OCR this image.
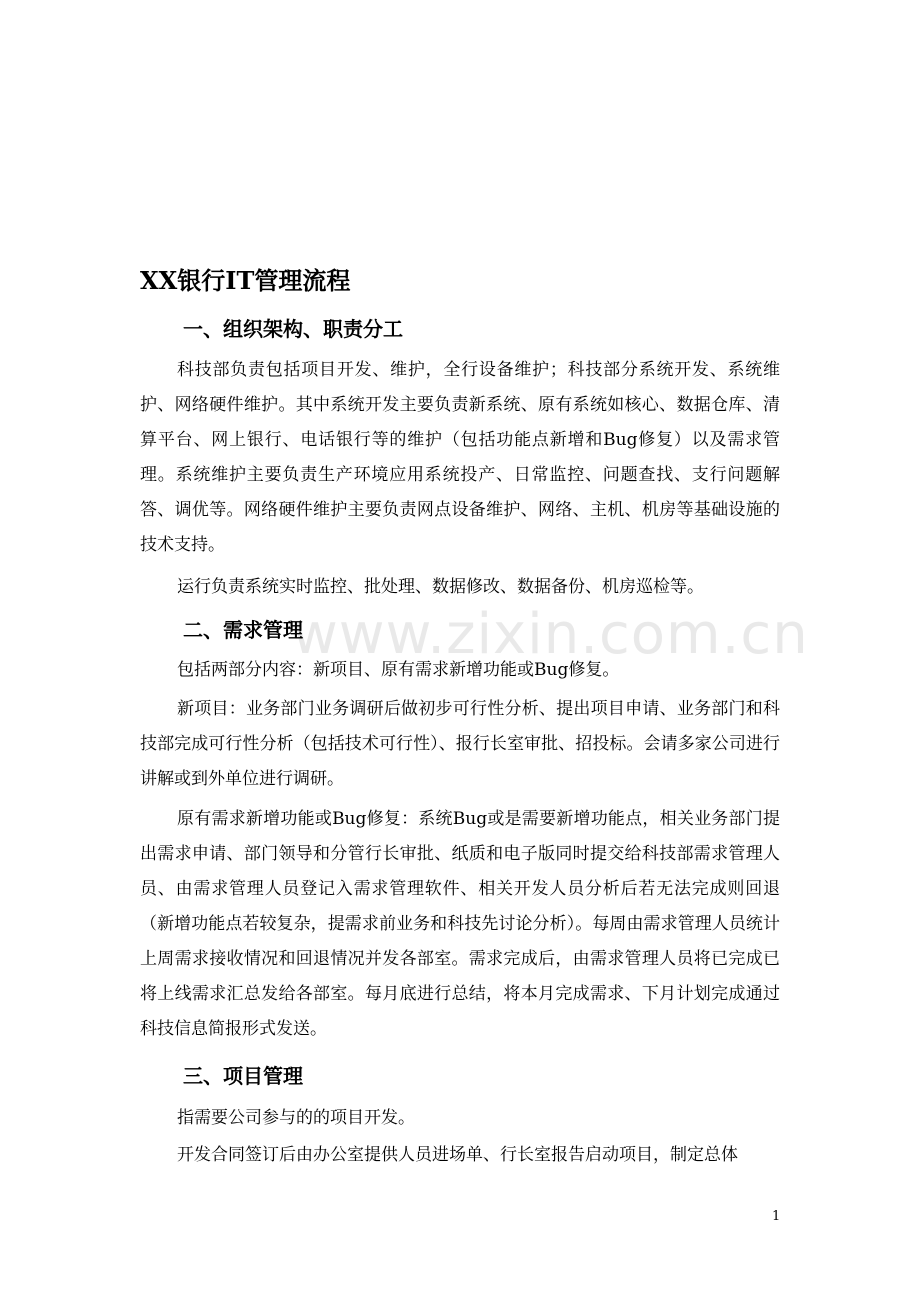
www.zixin.com.cn
XX银行IT管理流程
一、组织架构、职责分工

科技部负责包括项目开发、维护，全行设备维护；科技部分系统开发、系统维护、网络硬件维护。其中系统开发主要负责新系统、原有系统如核心、数据仓库、清算平台、网上银行、电话银行等的维护（包括功能点新增和Bug修复）以及需求管理。系统维护主要负责生产环境应用系统投产、日常监控、问题查找、支行问题解答、调优等。网络硬件维护主要负责网点设备维护、网络、主机、机房等基础设施的技术支持。

运行负责系统实时监控、批处理、数据修改、数据备份、机房巡检等。

二、需求管理

包括两部分内容：新项目、原有需求新增功能或Bug修复。

新项目：业务部门业务调研后做初步可行性分析、提出项目申请、业务部门和科技部完成可行性分析（包括技术可行性）、报行长室审批、招投标。会请多家公司进行讲解或到外单位进行调研。

原有需求新增功能或Bug修复：系统Bug或是需要新增功能点，相关业务部门提出需求申请、部门领导和分管行长审批、纸质和电子版同时提交给科技部需求管理人员、由需求管理人员登记入需求管理软件、相关开发人员分析后若无法完成则回退（新增功能点若较复杂，提需求前业务和科技先讨论分析）。每周由需求管理人员统计上周需求接收情况和回退情况并发各部室。需求完成后，由需求管理人员将已完成已将上线需求汇总发给各部室。每月底进行总结，将本月完成需求、下月计划完成通过科技信息简报形式发送。

三、项目管理

指需要公司参与的的项目开发。

开发合同签订后由办公室提供人员进场单、行长室报告启动项目，制定总体

1
